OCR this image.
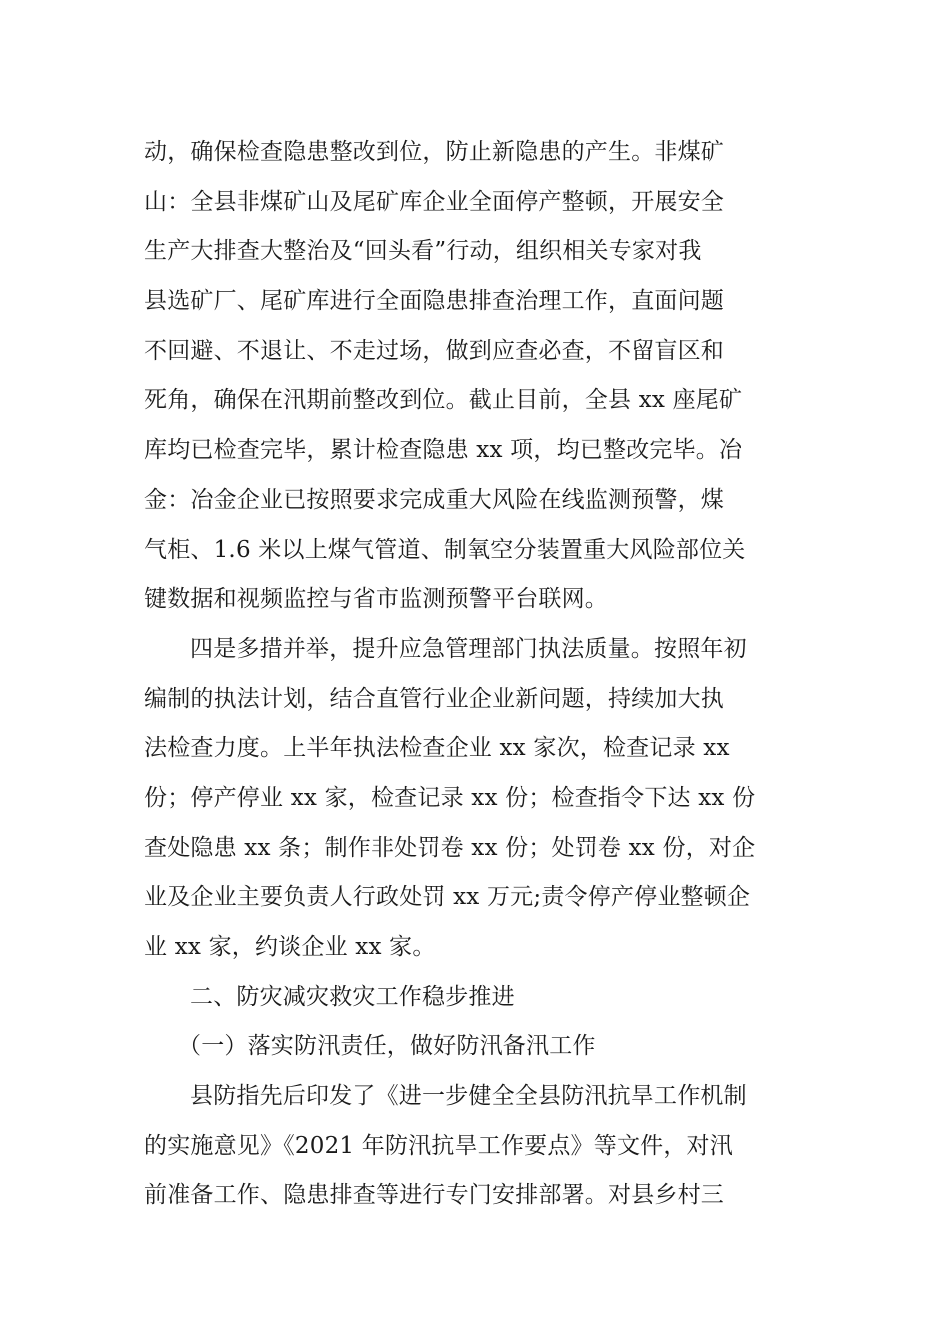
动，确保检查隐患整改到位，防止新隐患的产生。非煤矿
山：全县非煤矿山及尾矿库企业全面停产整顿，开展安全
生产大排查大整治及“回头看”行动，组织相关专家对我
县选矿厂、尾矿库进行全面隐患排查治理工作，直面问题
不回避、不退让、不走过场，做到应查必查，不留盲区和
死角，确保在汛期前整改到位。截止目前，全县 xx 座尾矿
库均已检查完毕，累计检查隐患 xx 项，均已整改完毕。冶
金：冶金企业已按照要求完成重大风险在线监测预警，煤
气柜、1.6 米以上煤气管道、制氧空分装置重大风险部位关
键数据和视频监控与省市监测预警平台联网。
四是多措并举，提升应急管理部门执法质量。按照年初
编制的执法计划，结合直管行业企业新问题，持续加大执
法检查力度。上半年执法检查企业 xx 家次，检查记录 xx
份；停产停业 xx 家，检查记录 xx 份；检查指令下达 xx 份
查处隐患 xx 条；制作非处罚卷 xx 份；处罚卷 xx 份，对企
业及企业主要负责人行政处罚 xx 万元;责令停产停业整顿企
业 xx 家，约谈企业 xx 家。
二、防灾减灾救灾工作稳步推进
（一）落实防汛责任，做好防汛备汛工作
县防指先后印发了《进一步健全全县防汛抗旱工作机制
的实施意见》《2021 年防汛抗旱工作要点》等文件，对汛
前准备工作、隐患排查等进行专门安排部署。对县乡村三
